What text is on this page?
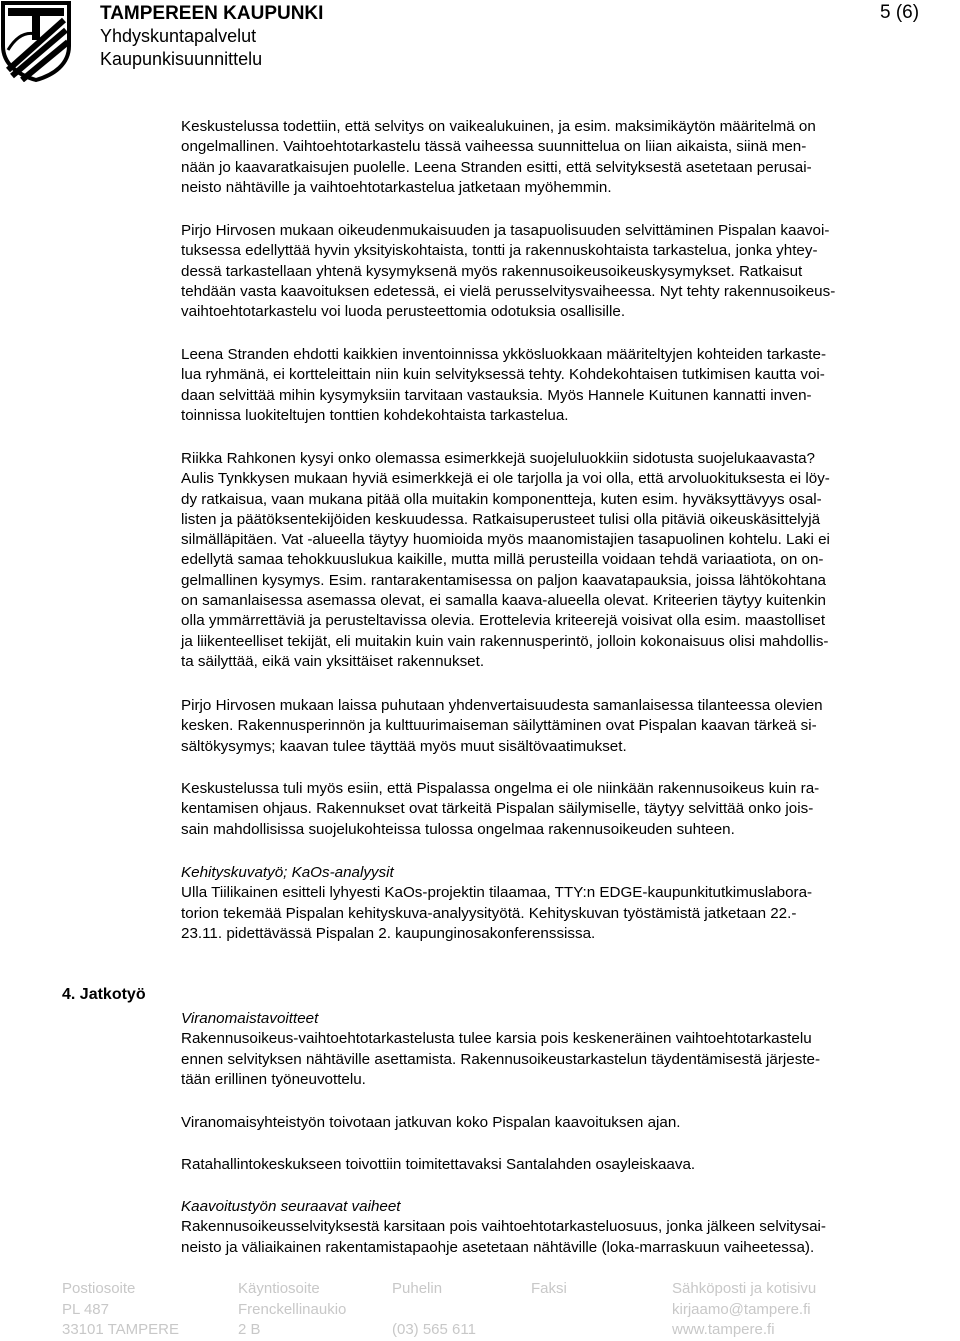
TAMPEREEN KAUPUNKI
Yhdyskuntapalvelut
Kaupunkisuunnittelu
5 (6)

Keskustelussa todettiin, että selvitys on vaikealukuinen, ja esim. maksimikäytön määritelmä on

ongelmallinen. Vaihtoehtotarkastelu tässä vaiheessa suunnittelua on liian aikaista, siinä men-

nään jo kaavaratkaisujen puolelle. Leena Stranden esitti, että selvityksestä asetetaan perusai-

neisto nähtäville ja vaihtoehtotarkastelua jatketaan myöhemmin.

Pirjo Hirvosen mukaan oikeudenmukaisuuden ja tasapuolisuuden selvittäminen Pispalan kaavoi-

tuksessa edellyttää hyvin yksityiskohtaista, tontti ja rakennuskohtaista tarkastelua, jonka yhtey-

dessä tarkastellaan yhtenä kysymyksenä myös rakennusoikeusoikeuskysymykset. Ratkaisut

tehdään vasta kaavoituksen edetessä, ei vielä perusselvitysvaiheessa. Nyt tehty rakennusoikeus-

vaihtoehtotarkastelu voi luoda perusteettomia odotuksia osallisille.

Leena Stranden ehdotti kaikkien inventoinnissa ykkösluokkaan määriteltyjen kohteiden tarkaste-

lua ryhmänä, ei kortteleittain niin kuin selvityksessä tehty. Kohdekohtaisen tutkimisen kautta voi-

daan selvittää mihin kysymyksiin tarvitaan vastauksia. Myös Hannele Kuitunen kannatti inven-

toinnissa luokiteltujen tonttien kohdekohtaista tarkastelua.

Riikka Rahkonen kysyi onko olemassa esimerkkejä suojeluluokkiin sidotusta suojelukaavasta?

Aulis Tynkkysen mukaan hyviä esimerkkejä ei ole tarjolla ja voi olla, että arvoluokituksesta ei löy-

dy ratkaisua, vaan mukana pitää olla muitakin komponentteja, kuten esim. hyväksyttävyys osal-

listen ja päätöksentekijöiden keskuudessa. Ratkaisuperusteet tulisi olla pitäviä oikeuskäsittelyjä

silmälläpitäen. Vat -alueella täytyy huomioida myös maanomistajien tasapuolinen kohtelu. Laki ei

edellytä samaa tehokkuuslukua kaikille, mutta millä perusteilla voidaan tehdä variaatiota, on on-

gelmallinen kysymys. Esim. rantarakentamisessa on paljon kaavatapauksia, joissa lähtökohtana

on samanlaisessa asemassa olevat, ei samalla kaava-alueella olevat. Kriteerien täytyy kuitenkin

olla ymmärrettäviä ja perusteltavissa olevia. Erottelevia kriteerejä voisivat olla esim. maastolliset

ja liikenteelliset tekijät, eli muitakin kuin vain rakennusperintö, jolloin kokonaisuus olisi mahdollis-

ta säilyttää, eikä vain yksittäiset rakennukset.

Pirjo Hirvosen mukaan laissa puhutaan yhdenvertaisuudesta samanlaisessa tilanteessa olevien

kesken. Rakennusperinnön ja kulttuurimaiseman säilyttäminen ovat Pispalan kaavan tärkeä si-

sältökysymys; kaavan tulee täyttää myös muut sisältövaatimukset.

Keskustelussa tuli myös esiin, että Pispalassa ongelma ei ole niinkään rakennusoikeus kuin ra-

kentamisen ohjaus. Rakennukset ovat tärkeitä Pispalan säilymiselle, täytyy selvittää onko jois-

sain mahdollisissa suojelukohteissa tulossa ongelmaa rakennusoikeuden suhteen.

Kehityskuvatyö; KaOs-analyysit

Ulla Tiilikainen esitteli lyhyesti KaOs-projektin tilaamaa, TTY:n EDGE-kaupunkitutkimuslabora-

torion tekemää Pispalan kehityskuva-analyysityötä. Kehityskuvan työstämistä jatketaan 22.-

23.11. pidettävässä Pispalan 2. kaupunginosakonferenssissa.

4. Jatkotyö

Viranomaistavoitteet

Rakennusoikeus-vaihtoehtotarkastelusta tulee karsia pois keskeneräinen vaihtoehtotarkastelu

ennen selvityksen nähtäville asettamista. Rakennusoikeustarkastelun täydentämisestä järjeste-

tään erillinen työneuvottelu.

Viranomaisyhteistyön toivotaan jatkuvan koko Pispalan kaavoituksen ajan.

Ratahallintokeskukseen toivottiin toimitettavaksi Santalahden osayleiskaava.

Kaavoitustyön seuraavat vaiheet

Rakennusoikeusselvityksestä karsitaan pois vaihtoehtotarkasteluosuus, jonka jälkeen selvitysai-

neisto ja väliaikainen rakentamistapaohje asetetaan nähtäville (loka-marraskuun vaiheetessa).

Postiosoite
PL 487
33101 TAMPERE
Käyntiosoite
Frenckellinaukio
2 B
Puhelin

(03) 565 611
Faksi	Sähköposti ja kotisivu
kirjaamo@tampere.fi
www.tampere.fi
